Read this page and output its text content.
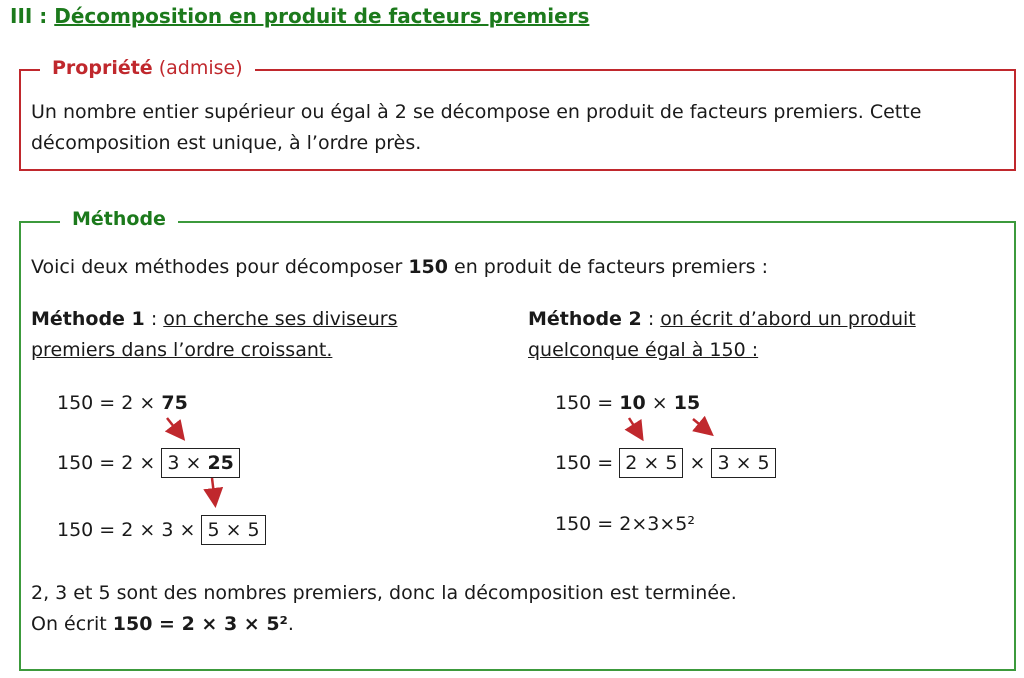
III : Décomposition en produit de facteurs premiers
Propriété (admise)
Un nombre entier supérieur ou égal à 2 se décompose en produit de facteurs premiers. Cette
décomposition est unique, à l’ordre près.
Méthode
Voici deux méthodes pour décomposer 150 en produit de facteurs premiers :
Méthode 1 : on cherche ses diviseurs
premiers dans l’ordre croissant.
Méthode 2 : on écrit d’abord un produit
quelconque égal à 150 :
150 = 2 × 75
150 = 2 × 3 × 25
150 = 2 × 3 × 5 × 5
150 = 10 × 15
150 = 2 × 5 × 3 × 5
150 = 2×3×5²
2, 3 et 5 sont des nombres premiers, donc la décomposition est terminée.
On écrit 150 = 2 × 3 × 5².
